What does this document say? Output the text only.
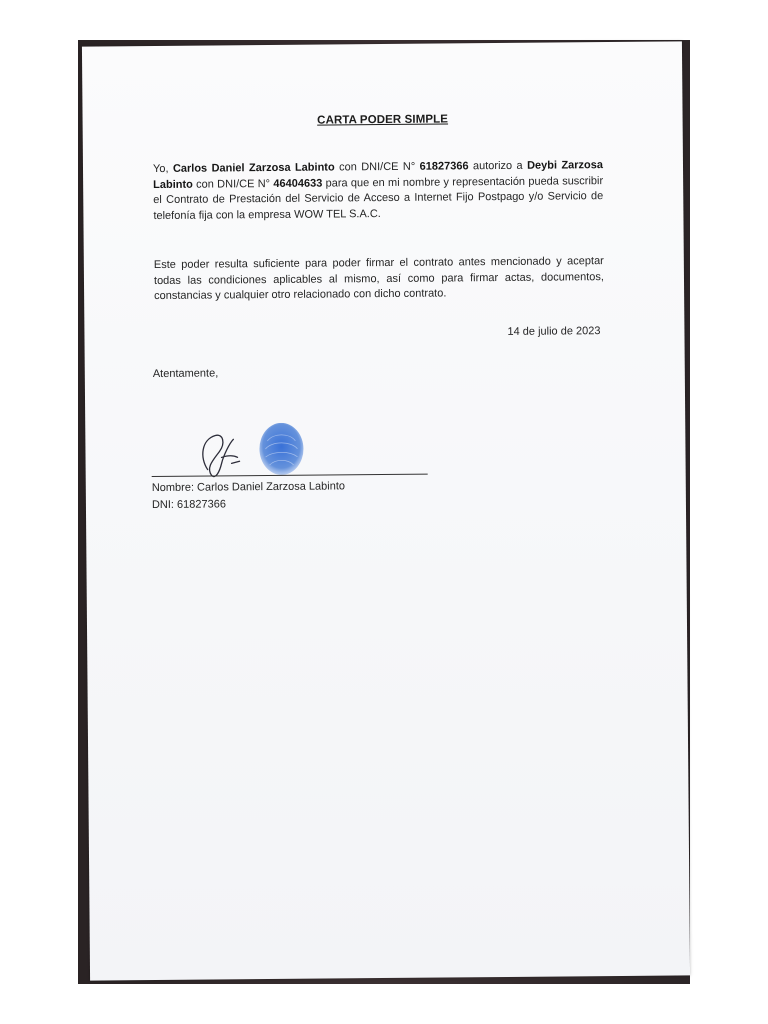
CARTA PODER SIMPLE
Yo, Carlos Daniel Zarzosa Labinto con DNI/CE N° 61827366 autorizo a Deybi Zarzosa Labinto con DNI/CE N° 46404633 para que en mi nombre y representación pueda suscribir el Contrato de Prestación del Servicio de Acceso a Internet Fijo Postpago y/o Servicio de telefonía fija con la empresa WOW TEL S.A.C.
Este poder resulta suficiente para poder firmar el contrato antes mencionado y aceptar todas las condiciones aplicables al mismo, así como para firmar actas, documentos, constancias y cualquier otro relacionado con dicho contrato.
14 de julio de 2023
Atentamente,
Nombre: Carlos Daniel Zarzosa Labinto
DNI: 61827366
